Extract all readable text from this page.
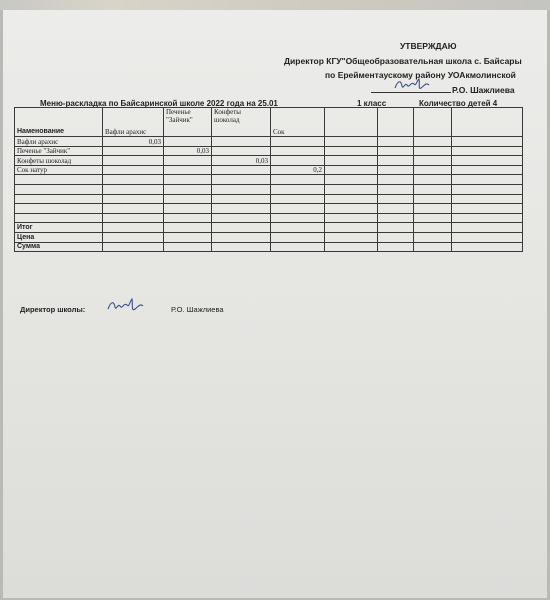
УТВЕРЖДАЮ
Директор КГУ"Общеобразовательная школа с. Байсары
по Ерейментаускому району УОАкмолинской
Р.О. Шажлиева
Меню-раскладка по Байсаринской школе 2022 года на 25.01	1 класс	Количество детей 4
Наменование	Вафли арахис	Печенье "Зайчик"	Конфеты шоколад	Сок				
Вафли арахис	0,03							
Печенье "Зайчик"		0,03						
Конфеты шоколад			0,03					
Сок натур				0,2				

Итог								
Цена								
Сумма								
Директор школы:	Р.О. Шажлиева
